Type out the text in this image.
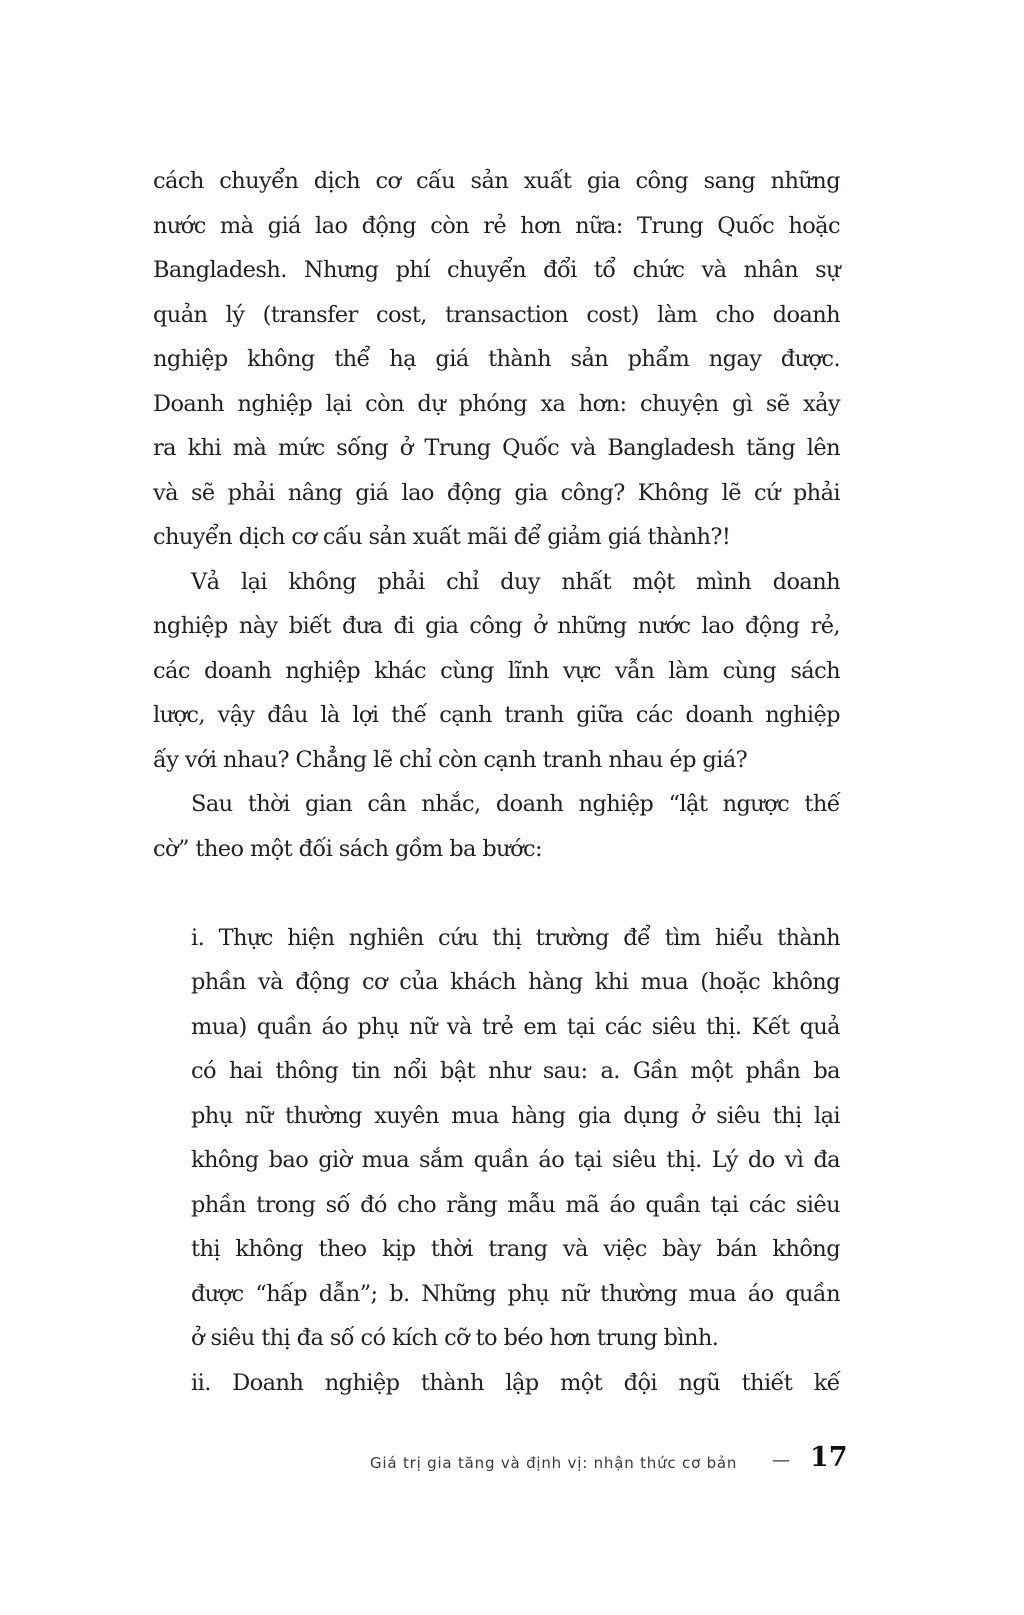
cách chuyển dịch cơ cấu sản xuất gia công sang những
nước mà giá lao động còn rẻ hơn nữa: Trung Quốc hoặc
Bangladesh. Nhưng phí chuyển đổi tổ chức và nhân sự
quản lý (transfer cost, transaction cost) làm cho doanh
nghiệp không thể hạ giá thành sản phẩm ngay được.
Doanh nghiệp lại còn dự phóng xa hơn: chuyện gì sẽ xảy
ra khi mà mức sống ở Trung Quốc và Bangladesh tăng lên
và sẽ phải nâng giá lao động gia công? Không lẽ cứ phải
chuyển dịch cơ cấu sản xuất mãi để giảm giá thành?!
Vả lại không phải chỉ duy nhất một mình doanh
nghiệp này biết đưa đi gia công ở những nước lao động rẻ,
các doanh nghiệp khác cùng lĩnh vực vẫn làm cùng sách
lược, vậy đâu là lợi thế cạnh tranh giữa các doanh nghiệp
ấy với nhau? Chẳng lẽ chỉ còn cạnh tranh nhau ép giá?
Sau thời gian cân nhắc, doanh nghiệp “lật ngược thế
cờ” theo một đối sách gồm ba bước:
i. Thực hiện nghiên cứu thị trường để tìm hiểu thành
phần và động cơ của khách hàng khi mua (hoặc không
mua) quần áo phụ nữ và trẻ em tại các siêu thị. Kết quả
có hai thông tin nổi bật như sau: a. Gần một phần ba
phụ nữ thường xuyên mua hàng gia dụng ở siêu thị lại
không bao giờ mua sắm quần áo tại siêu thị. Lý do vì đa
phần trong số đó cho rằng mẫu mã áo quần tại các siêu
thị không theo kịp thời trang và việc bày bán không
được “hấp dẫn”; b. Những phụ nữ thường mua áo quần
ở siêu thị đa số có kích cỡ to béo hơn trung bình.
ii. Doanh nghiệp thành lập một đội ngũ thiết kế
Giá trị gia tăng và định vị: nhận thức cơ bản — 17
